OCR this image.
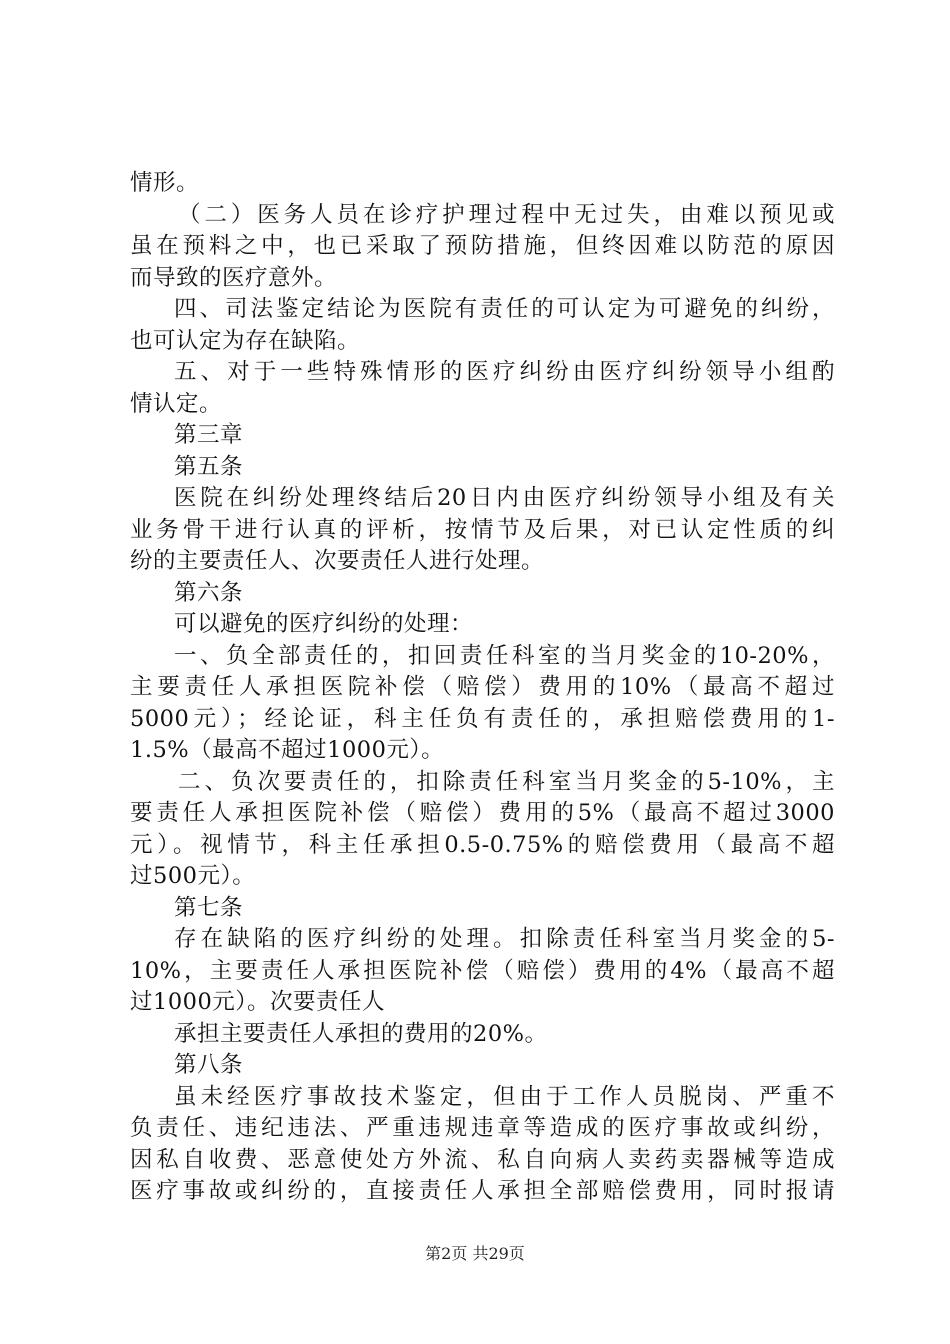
情形。
（二）医务人员在诊疗护理过程中无过失，由难以预见或
虽在预料之中，也已采取了预防措施，但终因难以防范的原因
而导致的医疗意外。
四、司法鉴定结论为医院有责任的可认定为可避免的纠纷，
也可认定为存在缺陷。
五、对于一些特殊情形的医疗纠纷由医疗纠纷领导小组酌
情认定。
第三章
第五条
医院在纠纷处理终结后20日内由医疗纠纷领导小组及有关
业务骨干进行认真的评析，按情节及后果，对已认定性质的纠
纷的主要责任人、次要责任人进行处理。
第六条
可以避免的医疗纠纷的处理：
一、负全部责任的，扣回责任科室的当月奖金的10-20%，
主要责任人承担医院补偿（赔偿）费用的10%（最高不超过
5000元）；经论证，科主任负有责任的，承担赔偿费用的1-
1.5%（最高不超过1000元）。
二、负次要责任的，扣除责任科室当月奖金的5-10%，主
要责任人承担医院补偿（赔偿）费用的5%（最高不超过3000
元）。视情节，科主任承担0.5-0.75%的赔偿费用（最高不超
过500元）。
第七条
存在缺陷的医疗纠纷的处理。扣除责任科室当月奖金的5-
10%，主要责任人承担医院补偿（赔偿）费用的4%（最高不超
过1000元）。次要责任人
承担主要责任人承担的费用的20%。
第八条
虽未经医疗事故技术鉴定，但由于工作人员脱岗、严重不
负责任、违纪违法、严重违规违章等造成的医疗事故或纠纷，
因私自收费、恶意使处方外流、私自向病人卖药卖器械等造成
医疗事故或纠纷的，直接责任人承担全部赔偿费用，同时报请
第2页 共29页
